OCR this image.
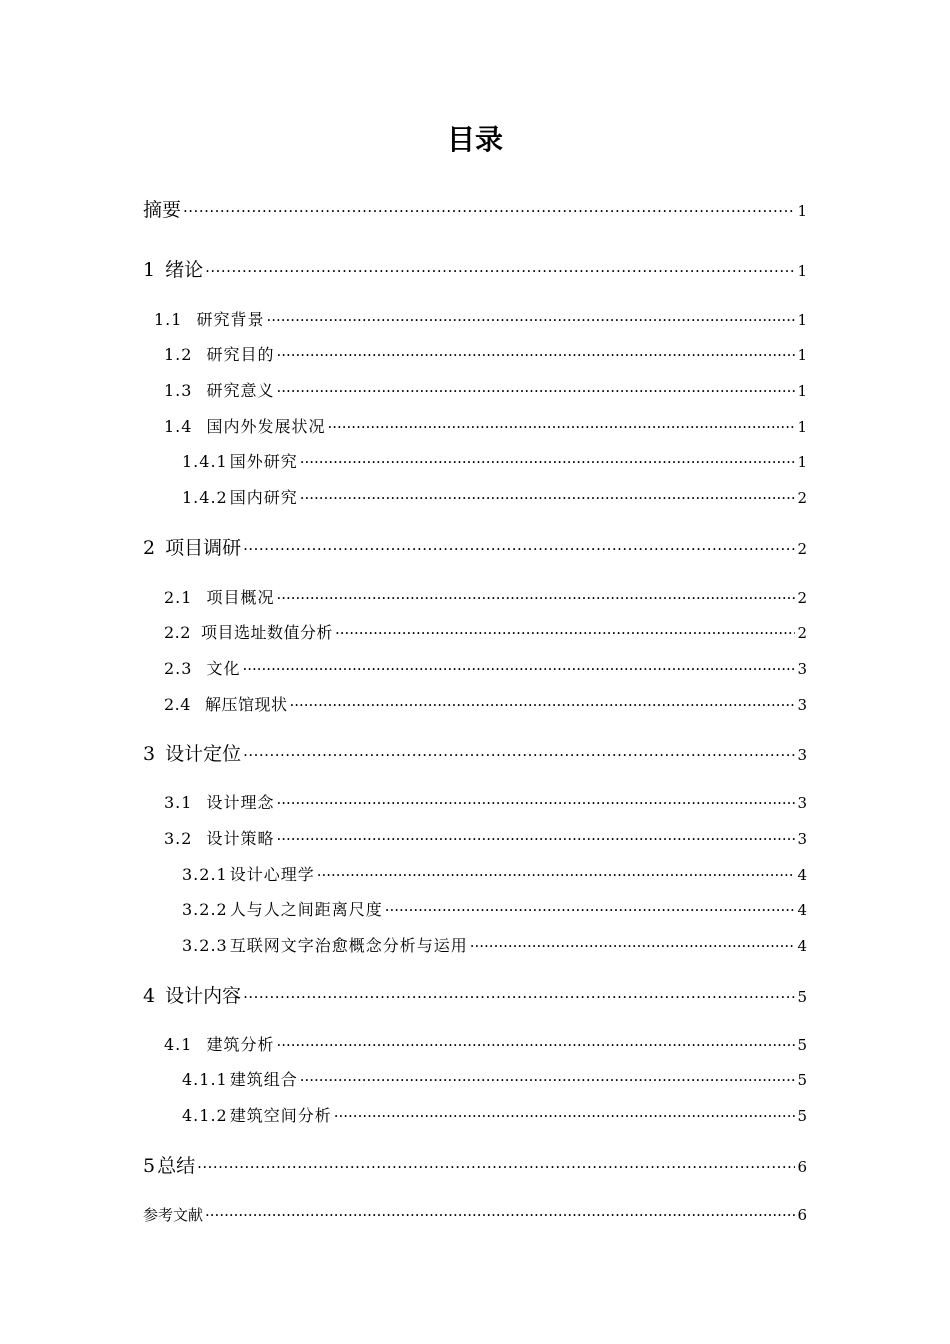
目录
摘要 ·····	1
1 绪论 ·····	1
1.1 研究背景 ·····	1
1.2 研究目的 ·····	1
1.3 研究意义 ·····	1
1.4 国内外发展状况 ·····	1
1.4.1 国外研究 ·····	1
1.4.2 国内研究 ·····	2
2 项目调研 ·····	2
2.1 项目概况 ·····	2
2.2 项目选址数值分析 ·····	2
2.3 文化 ·····	3
2.4 解压馆现状 ·····	3
3 设计定位 ·····	3
3.1 设计理念 ·····	3
3.2 设计策略 ·····	3
3.2.1 设计心理学 ·····	4
3.2.2 人与人之间距离尺度 ·····	4
3.2.3 互联网文字治愈概念分析与运用 ·····	4
4 设计内容 ·····	5
4.1 建筑分析 ·····	5
4.1.1 建筑组合 ·····	5
4.1.2 建筑空间分析 ·····	5
5 总结 ·····	6
参考文献 ·····	6
